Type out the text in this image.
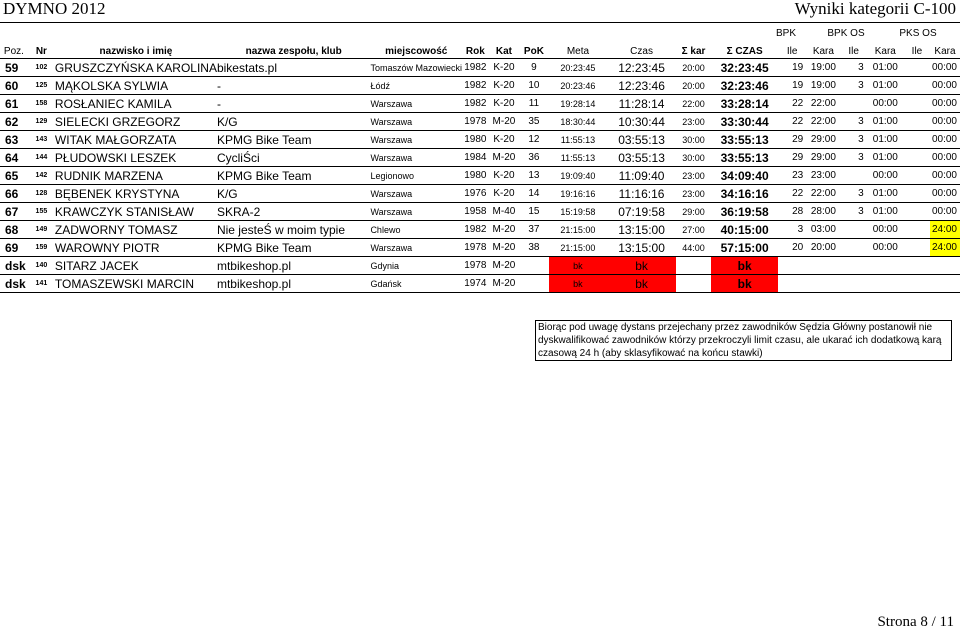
DYMNO 2012	Wyniki kategorii C-100
BPK	BPK OS	PKS OS
Poz.	Nr	nazwisko i imię	nazwa zespołu, klub	miejscowość	Rok	Kat	PoK	Meta	Czas	Σ kar	Σ CZAS	Ile	Kara	Ile	Kara	Ile	Kara
59	102	GRUSZCZYŃSKA KAROLINA	bikestats.pl	Tomaszów Mazowiecki	1982	K-20	9	20:23:45	12:23:45	20:00	32:23:45	19	19:00	3	01:00		00:00
60	125	MĄKOLSKA SYLWIA	-	Łódź	1982	K-20	10	20:23:46	12:23:46	20:00	32:23:46	19	19:00	3	01:00		00:00
61	158	ROSŁANIEC KAMILA	-	Warszawa	1982	K-20	11	19:28:14	11:28:14	22:00	33:28:14	22	22:00		00:00		00:00
62	129	SIELECKI GRZEGORZ	K/G	Warszawa	1978	M-20	35	18:30:44	10:30:44	23:00	33:30:44	22	22:00	3	01:00		00:00
63	143	WITAK MAŁGORZATA	KPMG Bike Team	Warszawa	1980	K-20	12	11:55:13	03:55:13	30:00	33:55:13	29	29:00	3	01:00		00:00
64	144	PŁUDOWSKI LESZEK	CycliŚci	Warszawa	1984	M-20	36	11:55:13	03:55:13	30:00	33:55:13	29	29:00	3	01:00		00:00
65	142	RUDNIK MARZENA	KPMG Bike Team	Legionowo	1980	K-20	13	19:09:40	11:09:40	23:00	34:09:40	23	23:00		00:00		00:00
66	128	BĘBENEK KRYSTYNA	K/G	Warszawa	1976	K-20	14	19:16:16	11:16:16	23:00	34:16:16	22	22:00	3	01:00		00:00
67	155	KRAWCZYK STANISŁAW	SKRA-2	Warszawa	1958	M-40	15	15:19:58	07:19:58	29:00	36:19:58	28	28:00	3	01:00		00:00
68	149	ZADWORNY TOMASZ	Nie jesteŚ w moim typie	Chlewo	1982	M-20	37	21:15:00	13:15:00	27:00	40:15:00	3	03:00		00:00		24:00
69	159	WAROWNY PIOTR	KPMG Bike Team	Warszawa	1978	M-20	38	21:15:00	13:15:00	44:00	57:15:00	20	20:00		00:00		24:00
dsk	140	SITARZ JACEK	mtbikeshop.pl	Gdynia	1978	M-20		bk	bk		bk						
dsk	141	TOMASZEWSKI MARCIN	mtbikeshop.pl	Gdańsk	1974	M-20		bk	bk		bk						
Biorąc pod uwagę dystans przejechany przez zawodników Sędzia Główny postanowił nie dyskwalifikować zawodników którzy przekroczyli limit czasu, ale ukarać ich dodatkową karą czasową 24 h (aby sklasyfikować na końcu stawki)
Strona 8 / 11
